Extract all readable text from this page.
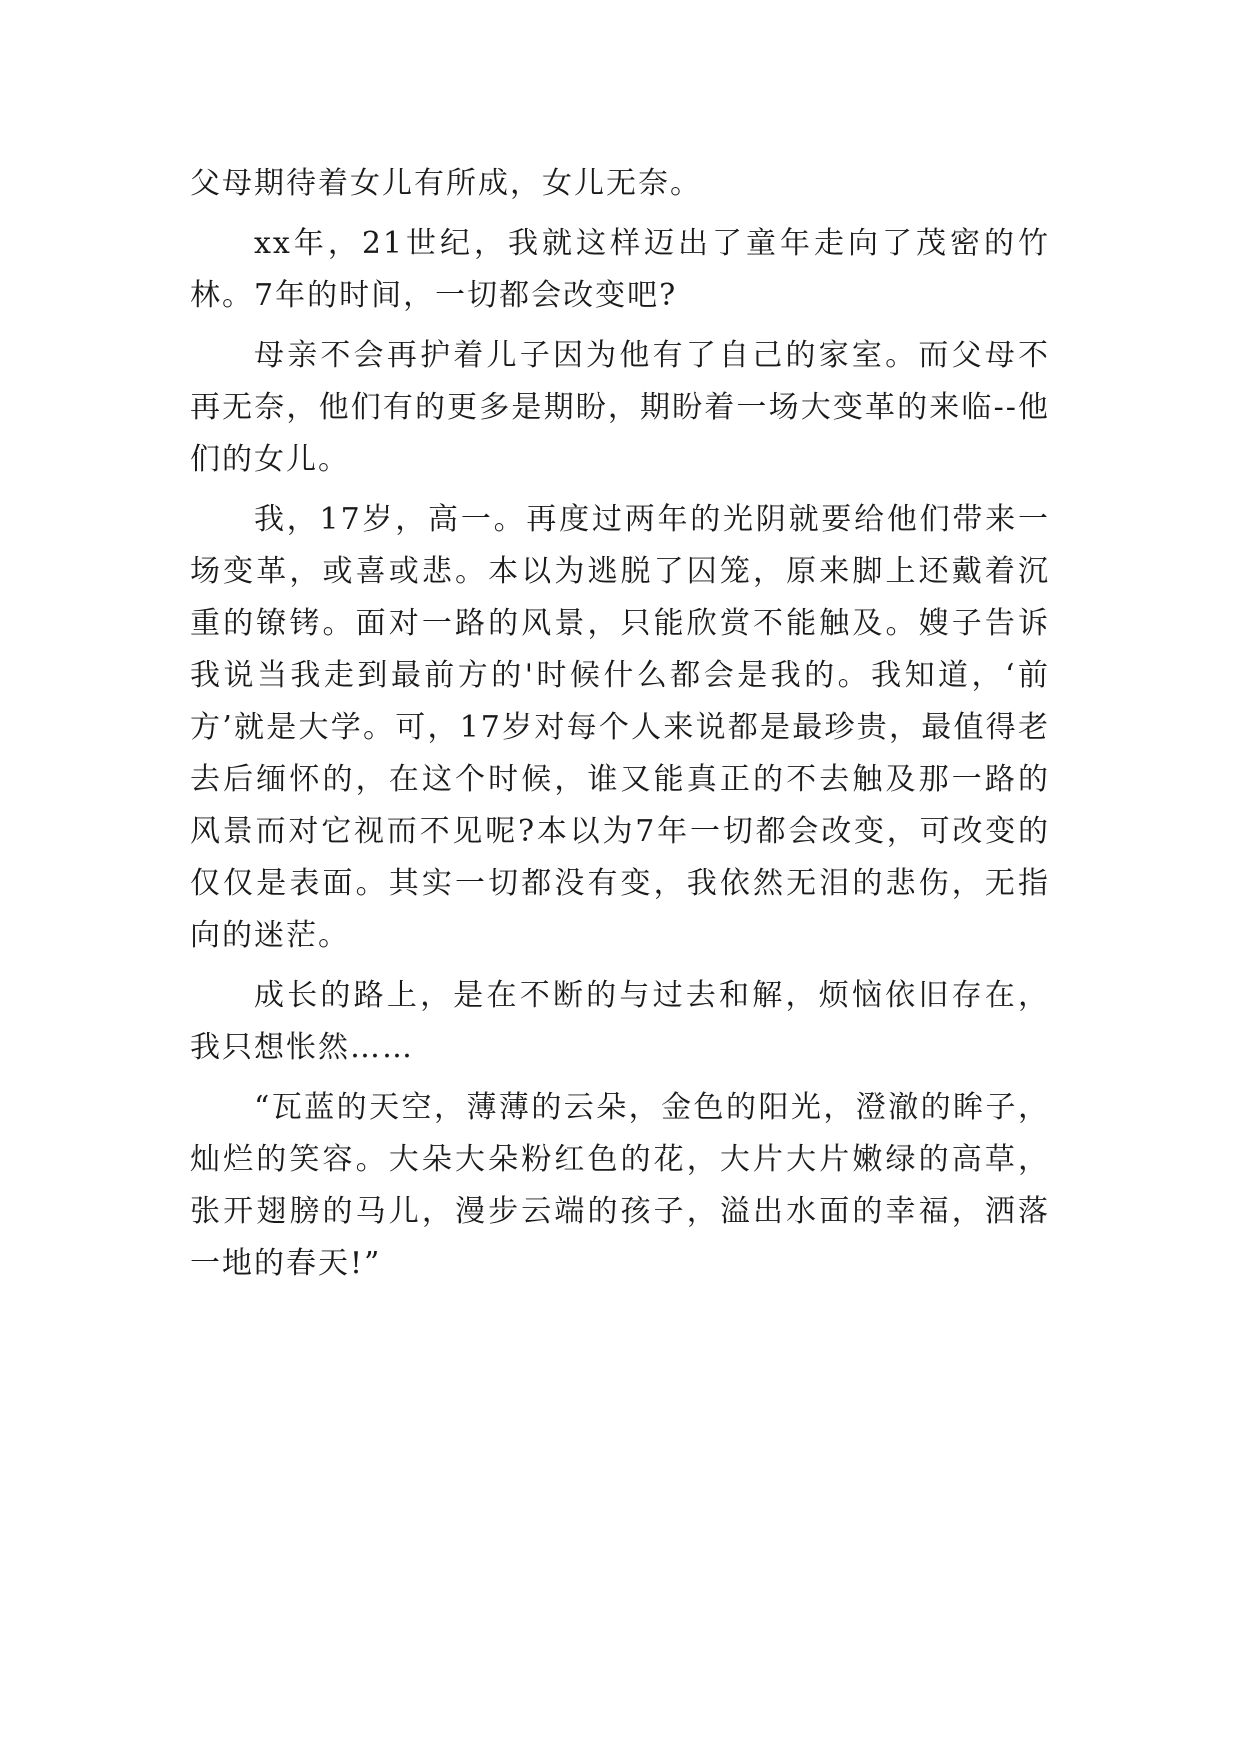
父母期待着女儿有所成，女儿无奈。

xx年，21世纪，我就这样迈出了童年走向了茂密的竹林。7年的时间，一切都会改变吧?

母亲不会再护着儿子因为他有了自己的家室。而父母不再无奈，他们有的更多是期盼，期盼着一场大变革的来临--他们的女儿。

我，17岁，高一。再度过两年的光阴就要给他们带来一场变革，或喜或悲。本以为逃脱了囚笼，原来脚上还戴着沉重的镣铐。面对一路的风景，只能欣赏不能触及。嫂子告诉我说当我走到最前方的'时候什么都会是我的。我知道，‘前方’就是大学。可，17岁对每个人来说都是最珍贵，最值得老去后缅怀的，在这个时候，谁又能真正的不去触及那一路的风景而对它视而不见呢?本以为7年一切都会改变，可改变的仅仅是表面。其实一切都没有变，我依然无泪的悲伤，无指向的迷茫。

成长的路上，是在不断的与过去和解，烦恼依旧存在，我只想怅然……

“瓦蓝的天空，薄薄的云朵，金色的阳光，澄澈的眸子，灿烂的笑容。大朵大朵粉红色的花，大片大片嫩绿的高草，张开翅膀的马儿，漫步云端的孩子，溢出水面的幸福，洒落一地的春天!”
